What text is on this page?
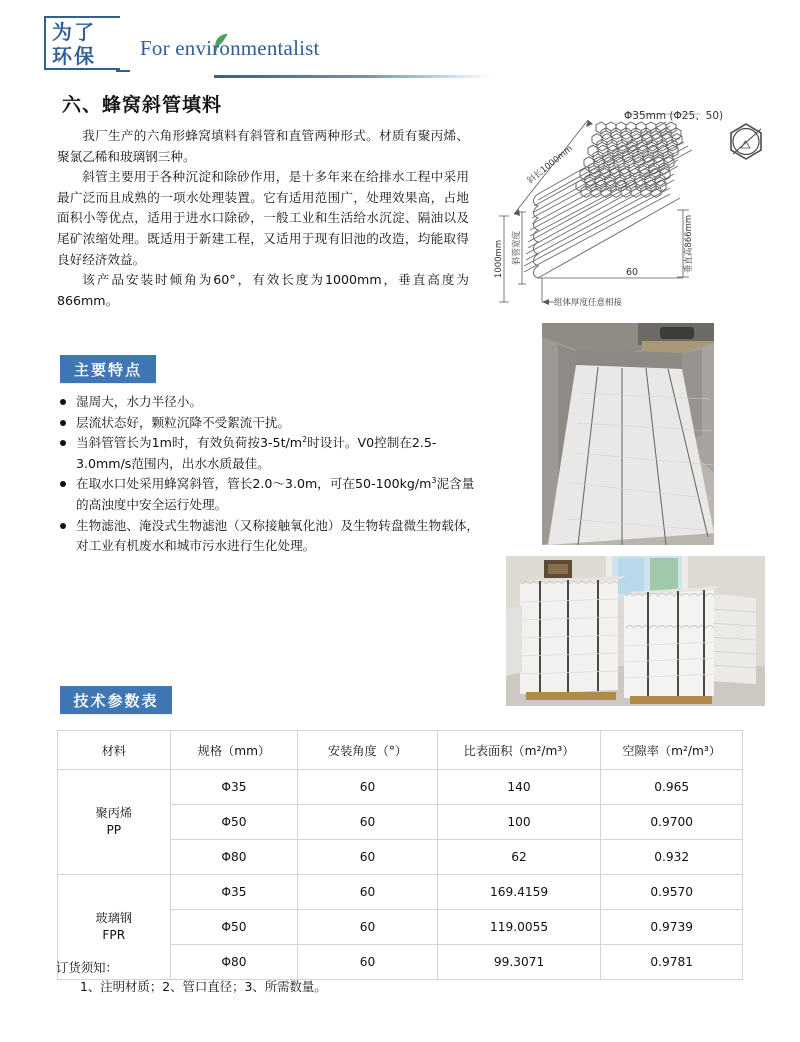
为了
环保 For environmentalist
六、蜂窝斜管填料

我厂生产的六角形蜂窝填料有斜管和直管两种形式。材质有聚丙烯、聚氯乙稀和玻璃钢三种。

斜管主要用于各种沉淀和除砂作用，是十多年来在给排水工程中采用最广泛而且成熟的一项水处理装置。它有适用范围广，处理效果高，占地面积小等优点，适用于进水口除砂，一般工业和生活给水沉淀、隔油以及尾矿浓缩处理。既适用于新建工程，又适用于现有旧池的改造，均能取得良好经济效益。

该产品安装时倾角为60°，有效长度为1000mm，垂直高度为866mm。

斜长1000mm
1000mm 斜管宽度	垂直高866mm
60
组体厚度任意相接
Φ35mm (Φ25、50)
主要特点
湿周大，水力半径小。
层流状态好，颗粒沉降不受絮流干扰。
当斜管管长为1m时，有效负荷按$3-5t/m^2$时设计。V0控制在2.5-3.0mm/s范围内，出水水质最佳。
在取水口处采用蜂窝斜管，管长2.0～3.0m，可在$50-100kg/m^3$泥含量的高浊度中安全运行处理。
生物滤池、淹没式生物滤池（又称接触氧化池）及生物转盘微生物载体，对工业有机废水和城市污水进行生化处理。
技术参数表
材料	规格（mm）	安装角度（°）	比表面积（m²/m³）	空隙率（m²/m³）

聚丙烯
PP	Φ35	60	140	0.965
	Φ50	60	100	0.9700
	Φ80	60	62	0.932

玻璃钢
FPR	Φ35	60	169.4159	0.9570
	Φ50	60	119.0055	0.9739
	Φ80	60	99.3071	0.9781
订货须知：
1、注明材质；2、管口直径；3、所需数量。
